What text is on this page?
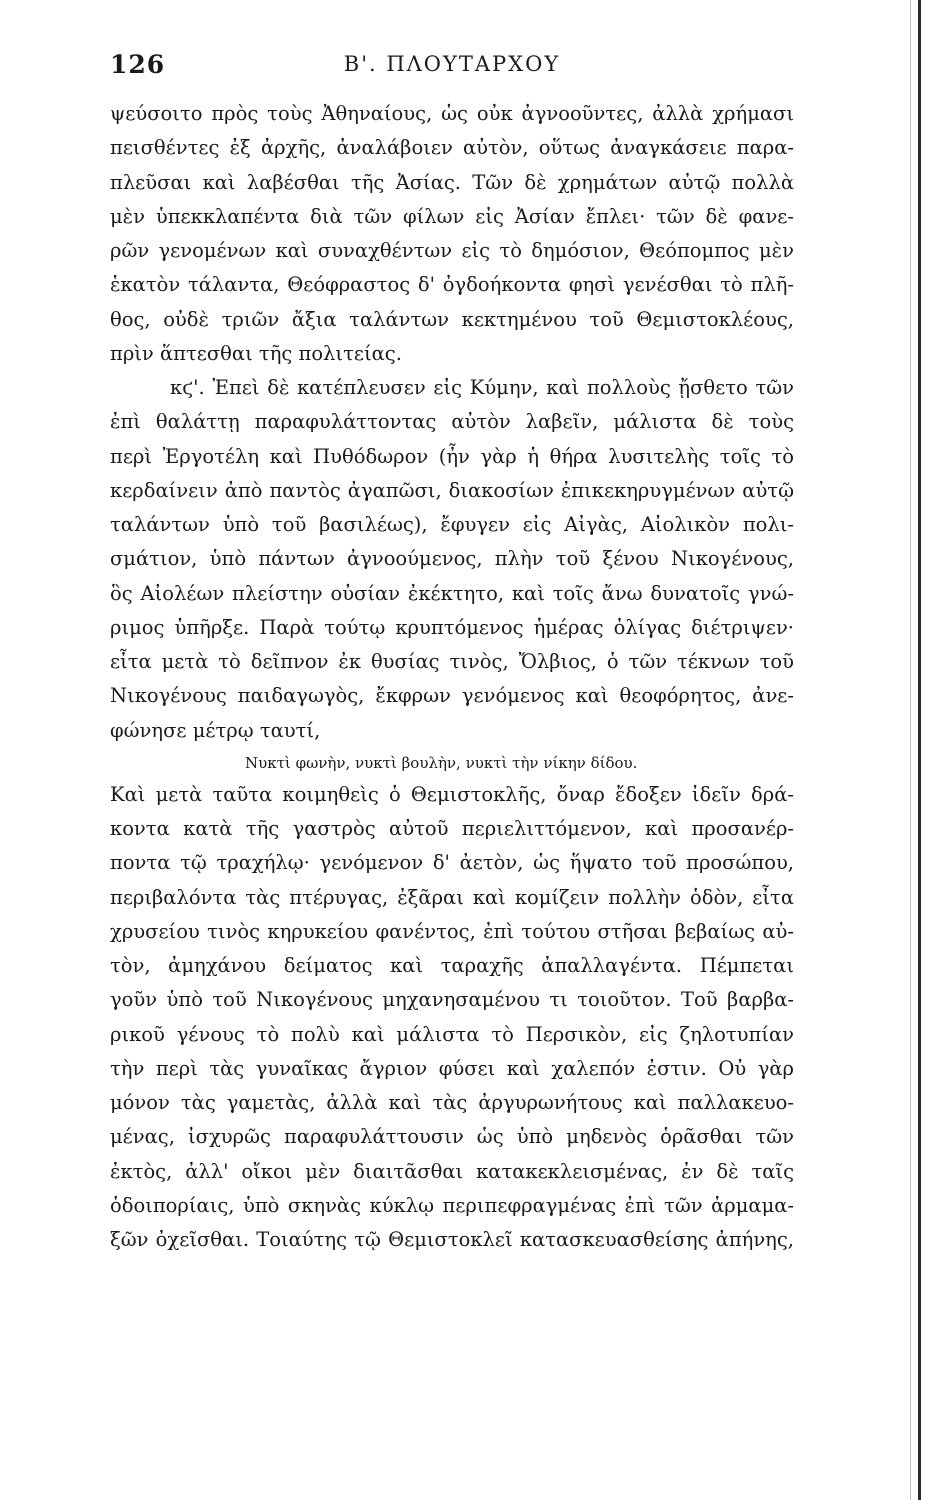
126	Β'. ΠΛΟΥΤΑΡΧΟΥ
ψεύσοιτο πρὸς τοὺς Ἀθηναίους, ὡς οὐκ ἀγνοοῦντες, ἀλλὰ χρήμασι
πεισθέντες ἐξ ἀρχῆς, ἀναλάβοιεν αὐτὸν, οὕτως ἀναγκάσειε παρα-
πλεῦσαι καὶ λαβέσθαι τῆς Ἀσίας. Τῶν δὲ χρημάτων αὐτῷ πολλὰ
μὲν ὑπεκκλαπέντα διὰ τῶν φίλων εἰς Ἀσίαν ἔπλει· τῶν δὲ φανε-
ρῶν γενομένων καὶ συναχθέντων εἰς τὸ δημόσιον, Θεόπομπος μὲν
ἑκατὸν τάλαντα, Θεόφραστος δ' ὀγδοήκοντα φησὶ γενέσθαι τὸ πλῆ-
θος, οὐδὲ τριῶν ἄξια ταλάντων κεκτημένου τοῦ Θεμιστοκλέους,
πρὶν ἅπτεσθαι τῆς πολιτείας.
κϛ'. Ἐπεὶ δὲ κατέπλευσεν εἰς Κύμην, καὶ πολλοὺς ᾔσθετο τῶν
ἐπὶ θαλάττῃ παραφυλάττοντας αὐτὸν λαβεῖν, μάλιστα δὲ τοὺς
περὶ Ἐργοτέλη καὶ Πυθόδωρον (ἦν γὰρ ἡ θήρα λυσιτελὴς τοῖς τὸ
κερδαίνειν ἀπὸ παντὸς ἀγαπῶσι, διακοσίων ἐπικεκηρυγμένων αὐτῷ
ταλάντων ὑπὸ τοῦ βασιλέως), ἔφυγεν εἰς Αἰγὰς, Αἰολικὸν πολι-
σμάτιον, ὑπὸ πάντων ἀγνοούμενος, πλὴν τοῦ ξένου Νικογένους,
ὃς Αἰολέων πλείστην οὐσίαν ἐκέκτητο, καὶ τοῖς ἄνω δυνατοῖς γνώ-
ριμος ὑπῆρξε. Παρὰ τούτῳ κρυπτόμενος ἡμέρας ὀλίγας διέτριψεν·
εἶτα μετὰ τὸ δεῖπνον ἐκ θυσίας τινὸς, Ὄλβιος, ὁ τῶν τέκνων τοῦ
Νικογένους παιδαγωγὸς, ἔκφρων γενόμενος καὶ θεοφόρητος, ἀνε-
φώνησε μέτρῳ ταυτί,
Νυκτὶ φωνὴν, νυκτὶ βουλὴν, νυκτὶ τὴν νίκην δίδου.
Καὶ μετὰ ταῦτα κοιμηθεὶς ὁ Θεμιστοκλῆς, ὄναρ ἔδοξεν ἰδεῖν δρά-
κοντα κατὰ τῆς γαστρὸς αὐτοῦ περιελιττόμενον, καὶ προσανέρ-
ποντα τῷ τραχήλῳ· γενόμενον δ' ἀετὸν, ὡς ἥψατο τοῦ προσώπου,
περιβαλόντα τὰς πτέρυγας, ἐξᾶραι καὶ κομίζειν πολλὴν ὁδὸν, εἶτα
χρυσείου τινὸς κηρυκείου φανέντος, ἐπὶ τούτου στῆσαι βεβαίως αὐ-
τὸν, ἀμηχάνου δείματος καὶ ταραχῆς ἀπαλλαγέντα. Πέμπεται
γοῦν ὑπὸ τοῦ Νικογένους μηχανησαμένου τι τοιοῦτον. Τοῦ βαρβα-
ρικοῦ γένους τὸ πολὺ καὶ μάλιστα τὸ Περσικὸν, εἰς ζηλοτυπίαν
τὴν περὶ τὰς γυναῖκας ἄγριον φύσει καὶ χαλεπόν ἐστιν. Οὐ γὰρ
μόνον τὰς γαμετὰς, ἀλλὰ καὶ τὰς ἀργυρωνήτους καὶ παλλακευο-
μένας, ἰσχυρῶς παραφυλάττουσιν ὡς ὑπὸ μηδενὸς ὁρᾶσθαι τῶν
ἐκτὸς, ἀλλ' οἴκοι μὲν διαιτᾶσθαι κατακεκλεισμένας, ἐν δὲ ταῖς
ὁδοιπορίαις, ὑπὸ σκηνὰς κύκλῳ περιπεφραγμένας ἐπὶ τῶν ἁρμαμα-
ξῶν ὀχεῖσθαι. Τοιαύτης τῷ Θεμιστοκλεῖ κατασκευασθείσης ἀπήνης,
